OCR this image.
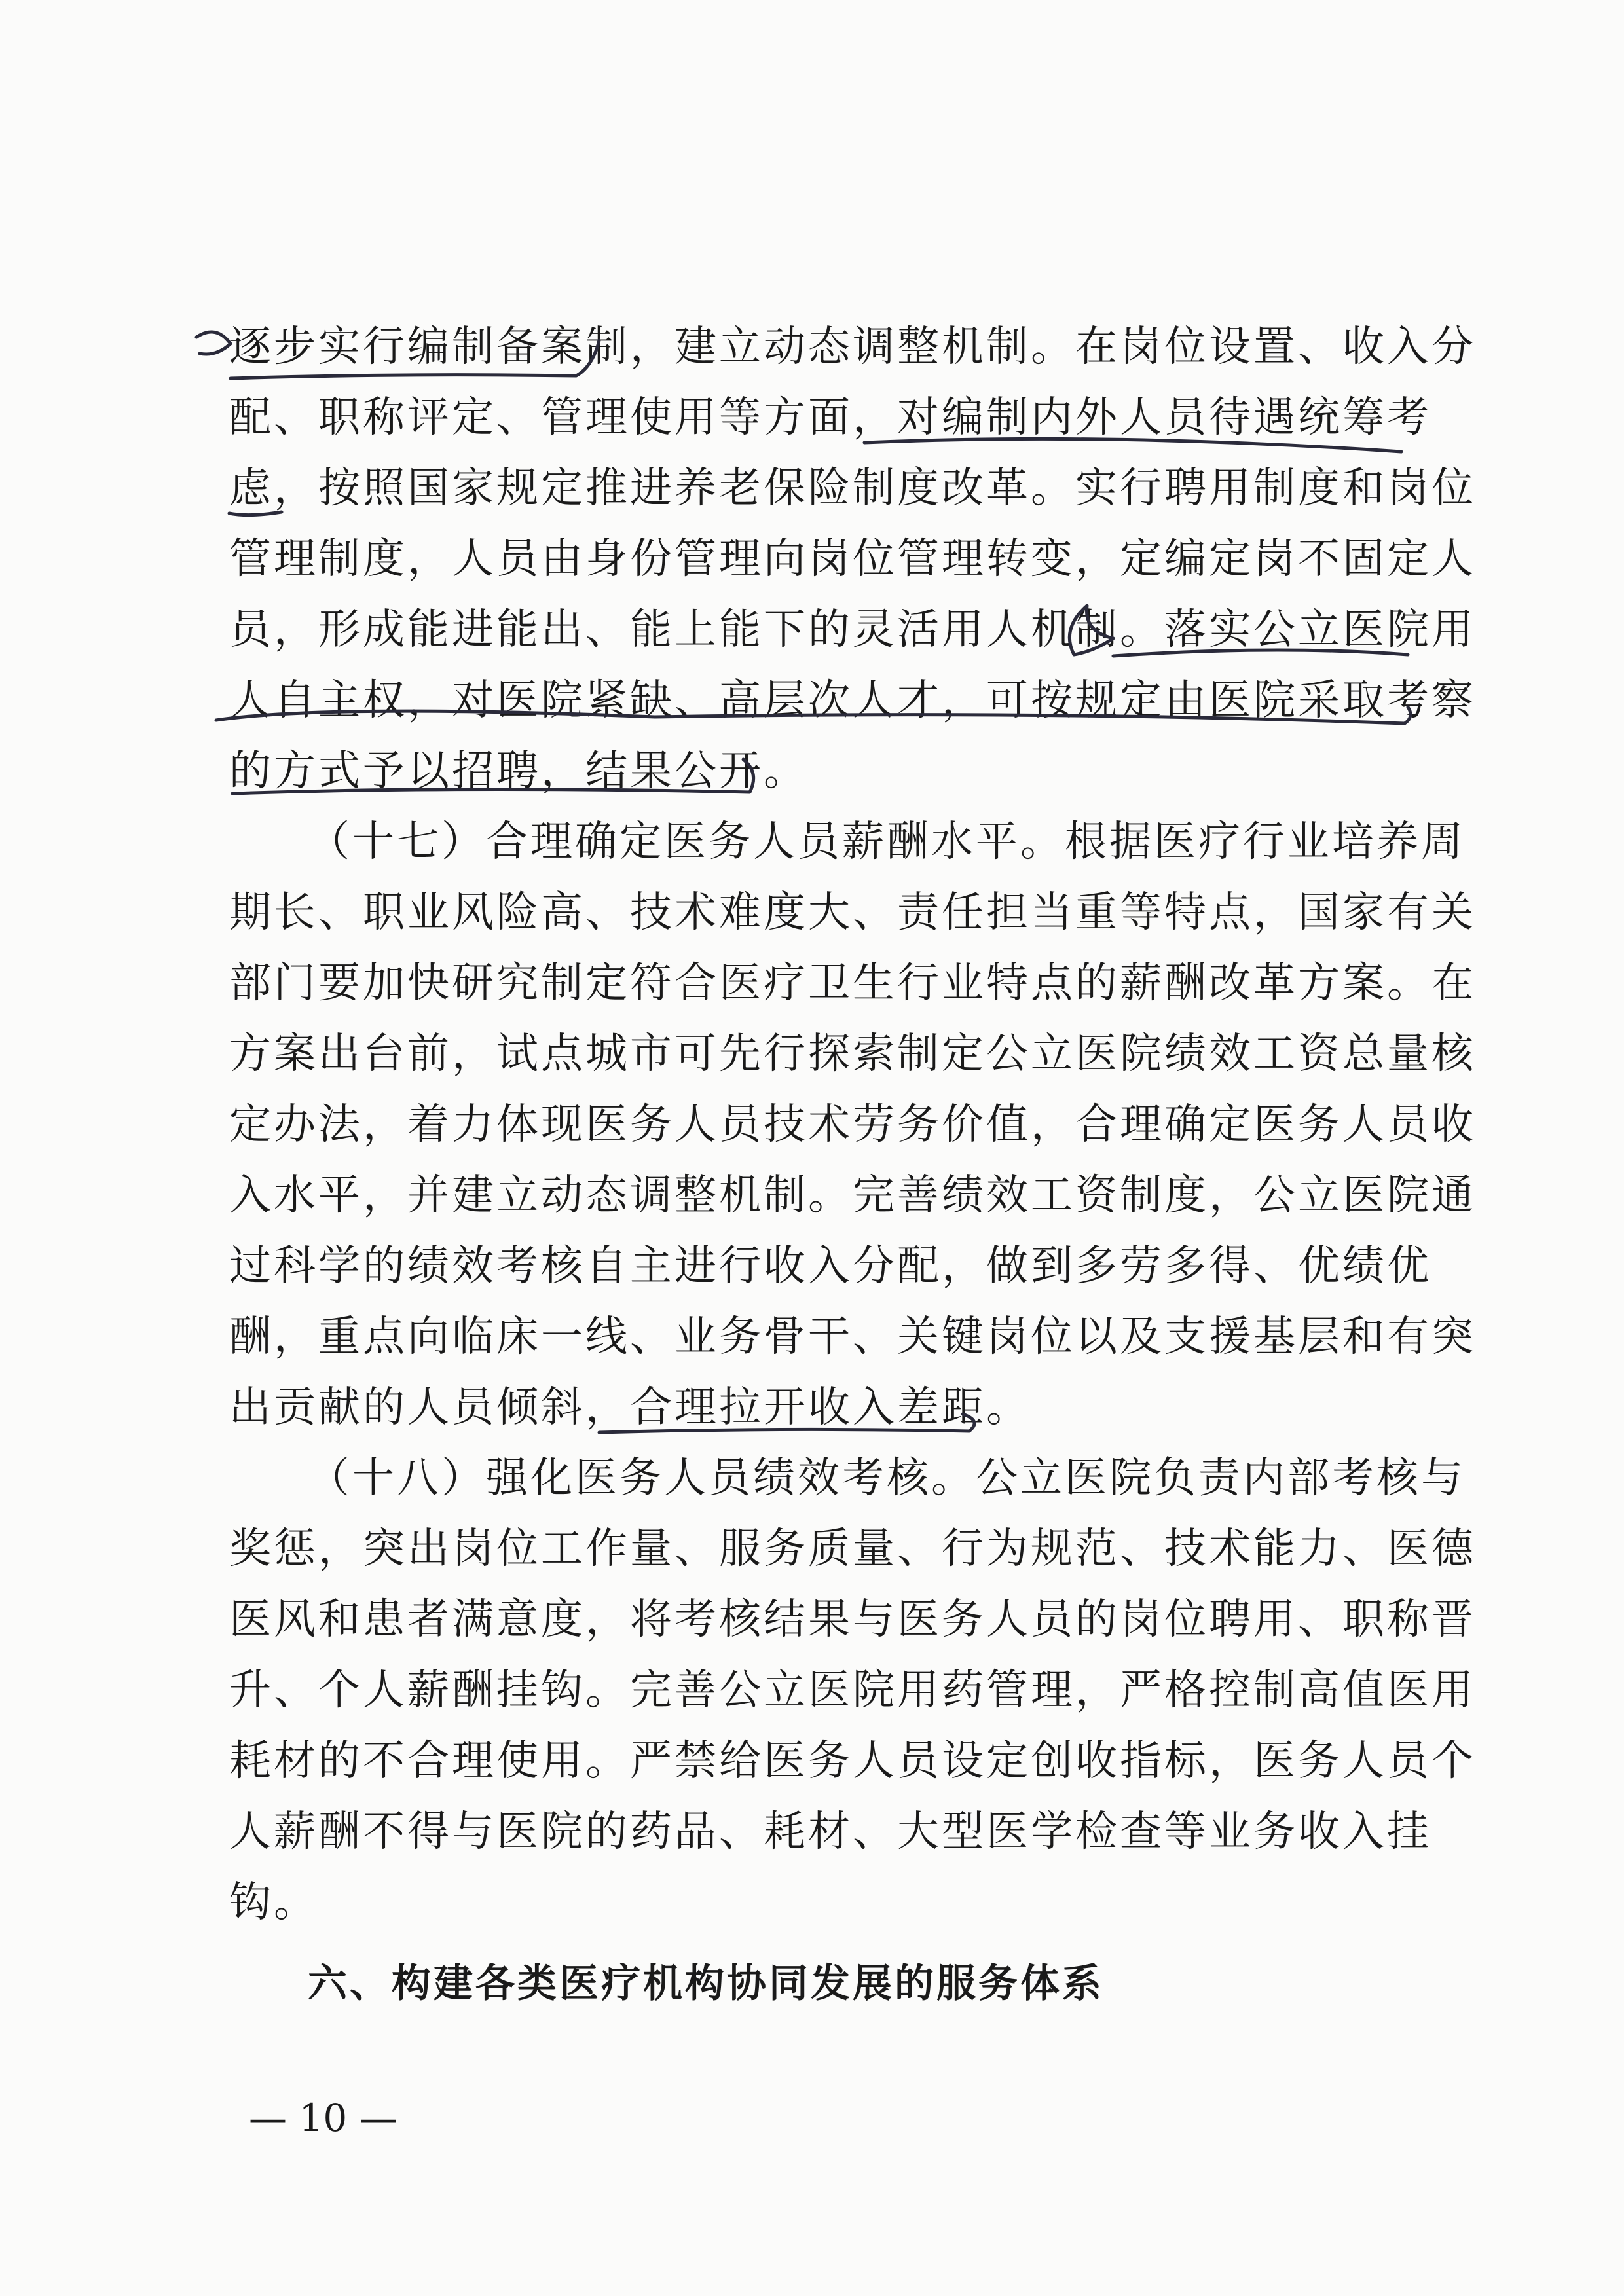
逐步实行编制备案制，建立动态调整机制。在岗位设置、收入分
配、职称评定、管理使用等方面，对编制内外人员待遇统筹考
虑，按照国家规定推进养老保险制度改革。实行聘用制度和岗位
管理制度，人员由身份管理向岗位管理转变，定编定岗不固定人
员，形成能进能出、能上能下的灵活用人机制。落实公立医院用
人自主权，对医院紧缺、高层次人才，可按规定由医院采取考察
的方式予以招聘，结果公开。
（十七）合理确定医务人员薪酬水平。根据医疗行业培养周
期长、职业风险高、技术难度大、责任担当重等特点，国家有关
部门要加快研究制定符合医疗卫生行业特点的薪酬改革方案。在
方案出台前，试点城市可先行探索制定公立医院绩效工资总量核
定办法，着力体现医务人员技术劳务价值，合理确定医务人员收
入水平，并建立动态调整机制。完善绩效工资制度，公立医院通
过科学的绩效考核自主进行收入分配，做到多劳多得、优绩优
酬，重点向临床一线、业务骨干、关键岗位以及支援基层和有突
出贡献的人员倾斜，合理拉开收入差距。
（十八）强化医务人员绩效考核。公立医院负责内部考核与
奖惩，突出岗位工作量、服务质量、行为规范、技术能力、医德
医风和患者满意度，将考核结果与医务人员的岗位聘用、职称晋
升、个人薪酬挂钩。完善公立医院用药管理，严格控制高值医用
耗材的不合理使用。严禁给医务人员设定创收指标，医务人员个
人薪酬不得与医院的药品、耗材、大型医学检查等业务收入挂
钩。
六、构建各类医疗机构协同发展的服务体系
— 10 —
